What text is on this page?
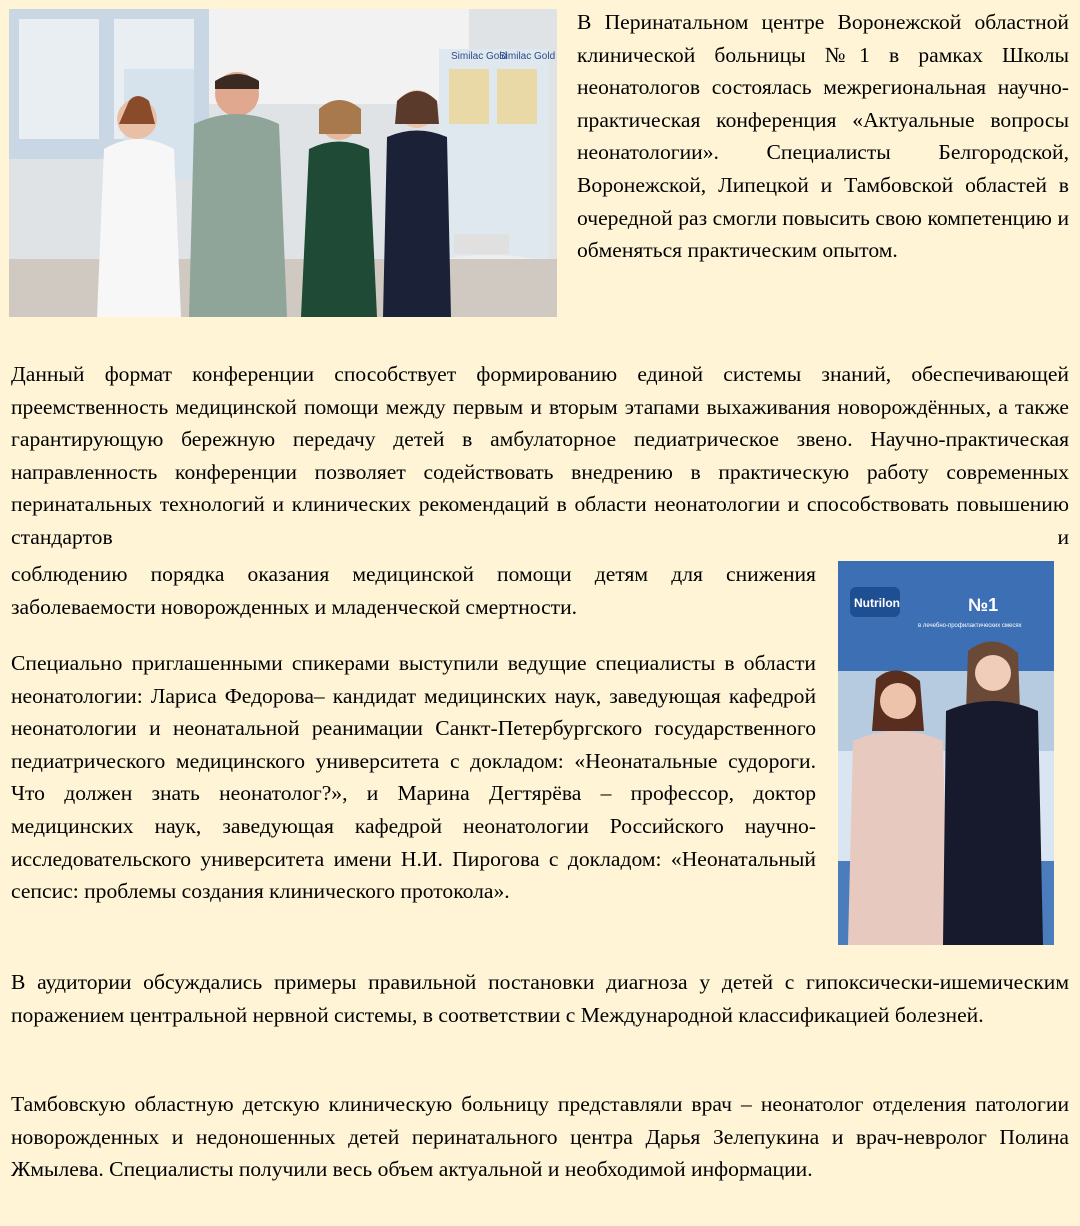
Similac Gold
Similac Gold
Nutrilon	№1
в лечебно-профилактических смесях

В Перинатальном центре Воронежской областной клинической больницы №1 в рамках Школы неонатологов состоялась межрегиональная научно-практическая конференция «Актуальные вопросы неонатологии». Специалисты Белгородской, Воронежской, Липецкой и Тамбовской областей в очередной раз смогли повысить свою компетенцию и обменяться практическим опытом.

Данный формат конференции способствует формированию единой системы знаний, обеспечивающей преемственность медицинской помощи между первым и вторым этапами выхаживания новорождённых, а также гарантирующую бережную передачу детей в амбулаторное педиатрическое звено. Научно-практическая направленность конференции позволяет содействовать внедрению в практическую работу современных перинатальных технологий и клинических рекомендаций в области неонатологии и способствовать повышению стандартов и

соблюдению порядка оказания медицинской помощи детям для снижения заболеваемости новорожденных и младенческой смертности.

Специально приглашенными спикерами выступили ведущие специалисты в области неонатологии: Лариса Федорова– кандидат медицинских наук, заведующая кафедрой неонатологии и неонатальной реанимации Санкт-Петербургского государственного педиатрического медицинского университета с докладом: «Неонатальные судороги. Что должен знать неонатолог?», и Марина Дегтярёва – профессор, доктор медицинских наук, заведующая кафедрой неонатологии Российского научно-исследовательского университета имени Н.И. Пирогова с докладом: «Неонатальный сепсис: проблемы создания клинического протокола».

В аудитории обсуждались примеры правильной постановки диагноза у детей с гипоксически-ишемическим поражением центральной нервной системы, в соответствии с Международной классификацией болезней.

Тамбовскую областную детскую клиническую больницу представляли врач – неонатолог отделения патологии новорожденных и недоношенных детей перинатального центра Дарья Зелепукина и врач-невролог Полина Жмылева. Специалисты получили весь объем актуальной и необходимой информации.
